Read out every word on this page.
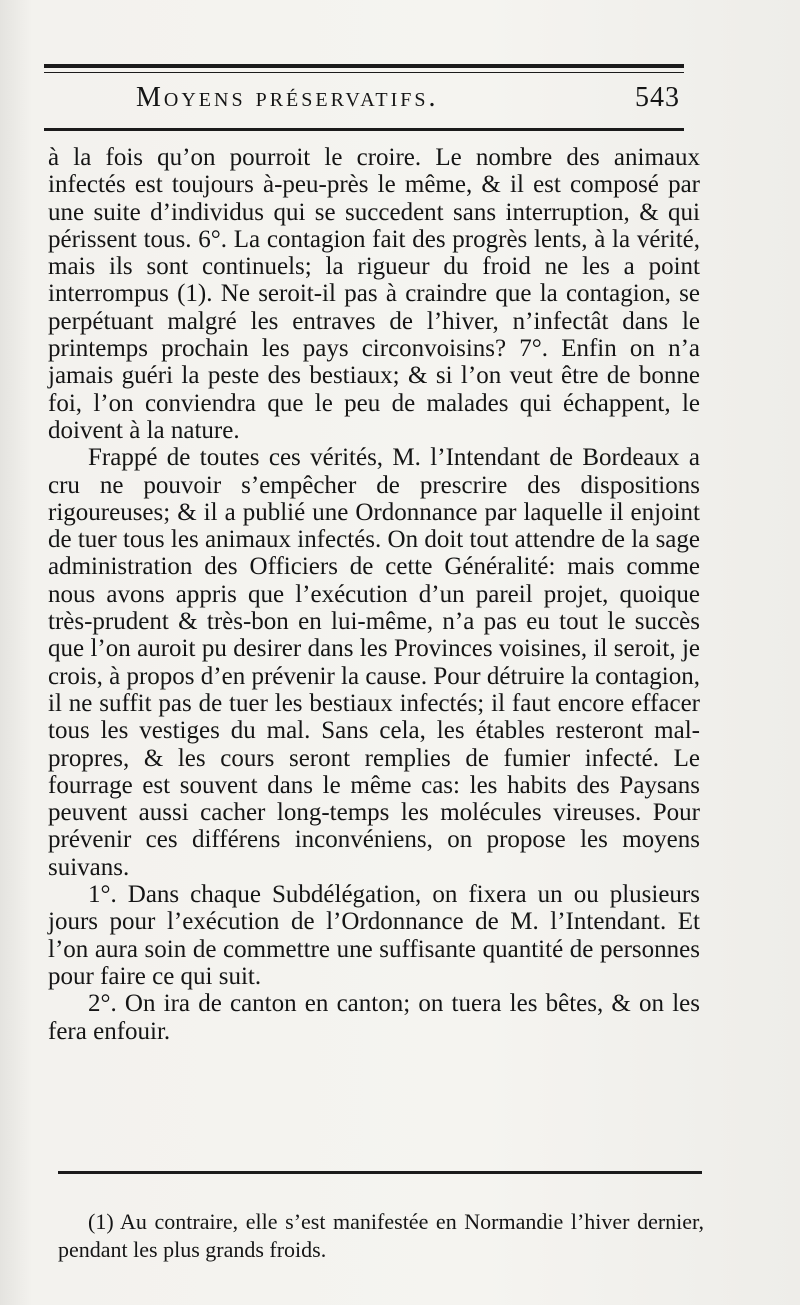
Moyens préservatifs.	543

à la fois qu’on pourroit le croire. Le nombre des animaux infectés est toujours à-peu-près le même, & il est composé par une suite d’individus qui se succedent sans interruption, & qui périssent tous. 6°. La contagion fait des progrès lents, à la vérité, mais ils sont continuels; la rigueur du froid ne les a point interrompus (1). Ne seroit-il pas à craindre que la contagion, se perpétuant malgré les entraves de l’hiver, n’infectât dans le printemps prochain les pays circonvoisins? 7°. Enfin on n’a jamais guéri la peste des bestiaux; & si l’on veut être de bonne foi, l’on conviendra que le peu de malades qui échappent, le doivent à la nature.

Frappé de toutes ces vérités, M. l’Intendant de Bordeaux a cru ne pouvoir s’empêcher de prescrire des dispositions rigoureuses; & il a publié une Ordonnance par laquelle il enjoint de tuer tous les animaux infectés. On doit tout attendre de la sage administration des Officiers de cette Généralité: mais comme nous avons appris que l’exécution d’un pareil projet, quoique très-prudent & très-bon en lui-même, n’a pas eu tout le succès que l’on auroit pu desirer dans les Provinces voisines, il seroit, je crois, à propos d’en prévenir la cause. Pour détruire la contagion, il ne suffit pas de tuer les bestiaux infectés; il faut encore effacer tous les vestiges du mal. Sans cela, les étables resteront mal-propres, & les cours seront remplies de fumier infecté. Le fourrage est souvent dans le même cas: les habits des Paysans peuvent aussi cacher long-temps les molécules vireuses. Pour prévenir ces différens inconvéniens, on propose les moyens suivans.

1°. Dans chaque Subdélégation, on fixera un ou plusieurs jours pour l’exécution de l’Ordonnance de M. l’Intendant. Et l’on aura soin de commettre une suffisante quantité de personnes pour faire ce qui suit.

2°. On ira de canton en canton; on tuera les bêtes, & on les fera enfouir.

(1) Au contraire, elle s’est manifestée en Normandie l’hiver dernier, pendant les plus grands froids.
